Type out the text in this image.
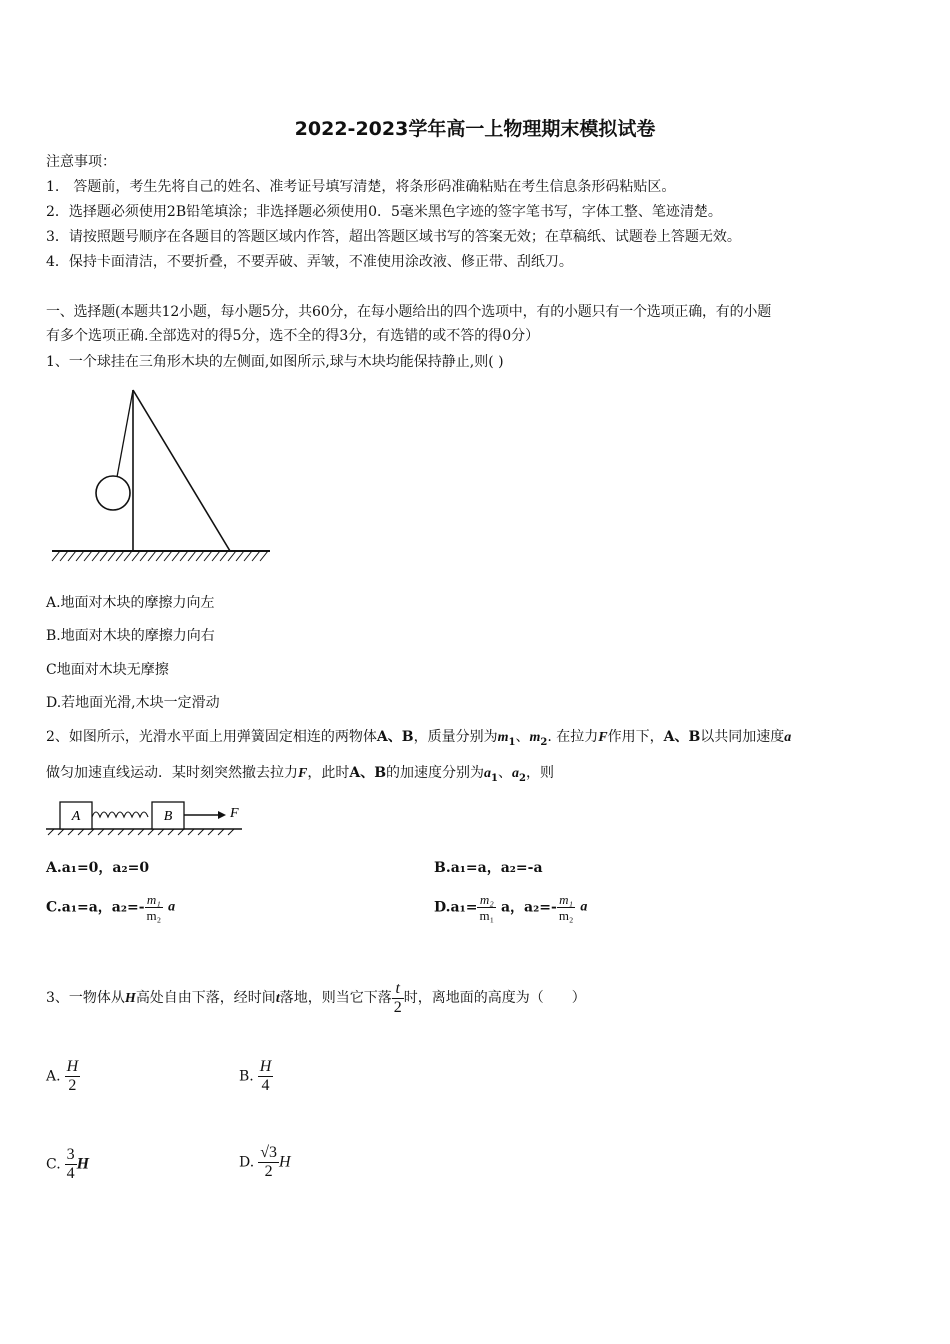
2022-2023学年高一上物理期末模拟试卷
注意事项：
1.　答题前，考生先将自己的姓名、准考证号填写清楚，将条形码准确粘贴在考生信息条形码粘贴区。
2．选择题必须使用2B铅笔填涂；非选择题必须使用0．5毫米黑色字迹的签字笔书写，字体工整、笔迹清楚。
3．请按照题号顺序在各题目的答题区域内作答，超出答题区域书写的答案无效；在草稿纸、试题卷上答题无效。
4．保持卡面清洁，不要折叠，不要弄破、弄皱，不准使用涂改液、修正带、刮纸刀。
一、选择题(本题共12小题，每小题5分，共60分，在每小题给出的四个选项中，有的小题只有一个选项正确，有的小题
有多个选项正确.全部选对的得5分，选不全的得3分，有选错的或不答的得0分）
1、一个球挂在三角形木块的左侧面,如图所示,球与木块均能保持静止,则( )
A.地面对木块的摩擦力向左
B.地面对木块的摩擦力向右
C地面对木块无摩擦
D.若地面光滑,木块一定滑动
2、如图所示，光滑水平面上用弹簧固定相连的两物体A、B，质量分别为$m_1$、$m_2$. 在拉力F作用下，A、B以共同加速度a
做匀加速直线运动．某时刻突然撤去拉力F，此时A、B的加速度分别为$a_1$、$a_2$，则
A	B	F
A.a₁=0，a₂=0	B.a₁=a，a₂=-a
C.a₁=a，$a_2=- \frac{\text{m₁}}{\text{m₂}}$ a	$D.a_1= \frac{\text{m₂}}{\text{m₁}}$ a，$a_2=- \frac{\text{m₁}}{\text{m₂}}$ a
3、一物体从H高处自由下落，经时间t落地，则当它下落 $\frac{t}{2}$ 时，离地面的高度为（　　）
A. $\frac{H}{2}$	B. $\frac{H}{4}$
C. $\frac{3}{4}$ H	D. $\frac{√3}{2}$ H
